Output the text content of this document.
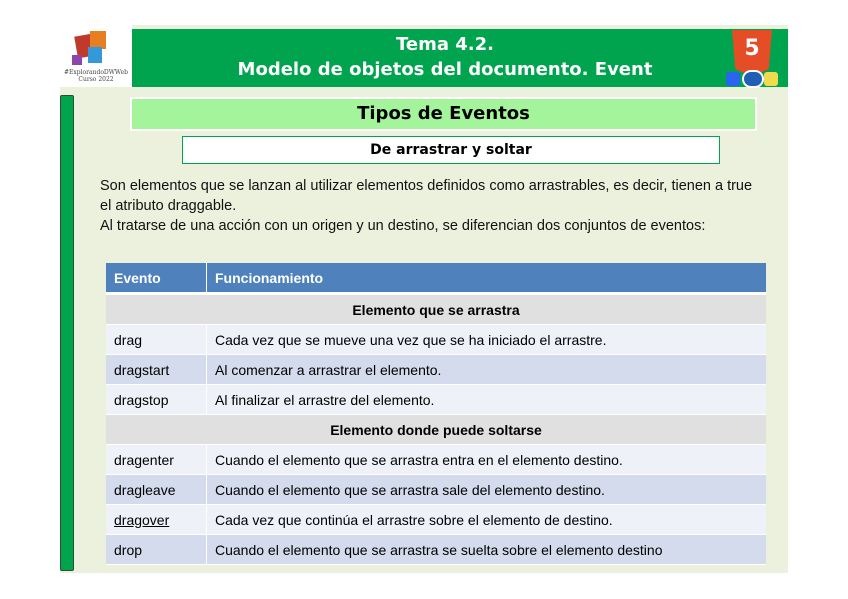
#ExplorandoDWWeb
Curso 2022
Tema 4.2.
Modelo de objetos del documento. Event
5
Tipos de Eventos
De arrastrar y soltar

Son elementos que se lanzan al utilizar elementos definidos como arrastrables, es decir, tienen a true el atributo draggable.

Al tratarse de una acción con un origen y un destino, se diferencian dos conjuntos de eventos:

Evento	Funcionamiento
Elemento que se arrastra	
drag	Cada vez que se mueve una vez que se ha iniciado el arrastre.
dragstart	Al comenzar a arrastrar el elemento.
dragstop	Al finalizar el arrastre del elemento.
Elemento donde puede soltarse	
dragenter	Cuando el elemento que se arrastra entra en el elemento destino.
dragleave	Cuando el elemento que se arrastra sale del elemento destino.
dragover	Cada vez que continúa el arrastre sobre el elemento de destino.
drop	Cuando el elemento que se arrastra se suelta sobre el elemento destino
